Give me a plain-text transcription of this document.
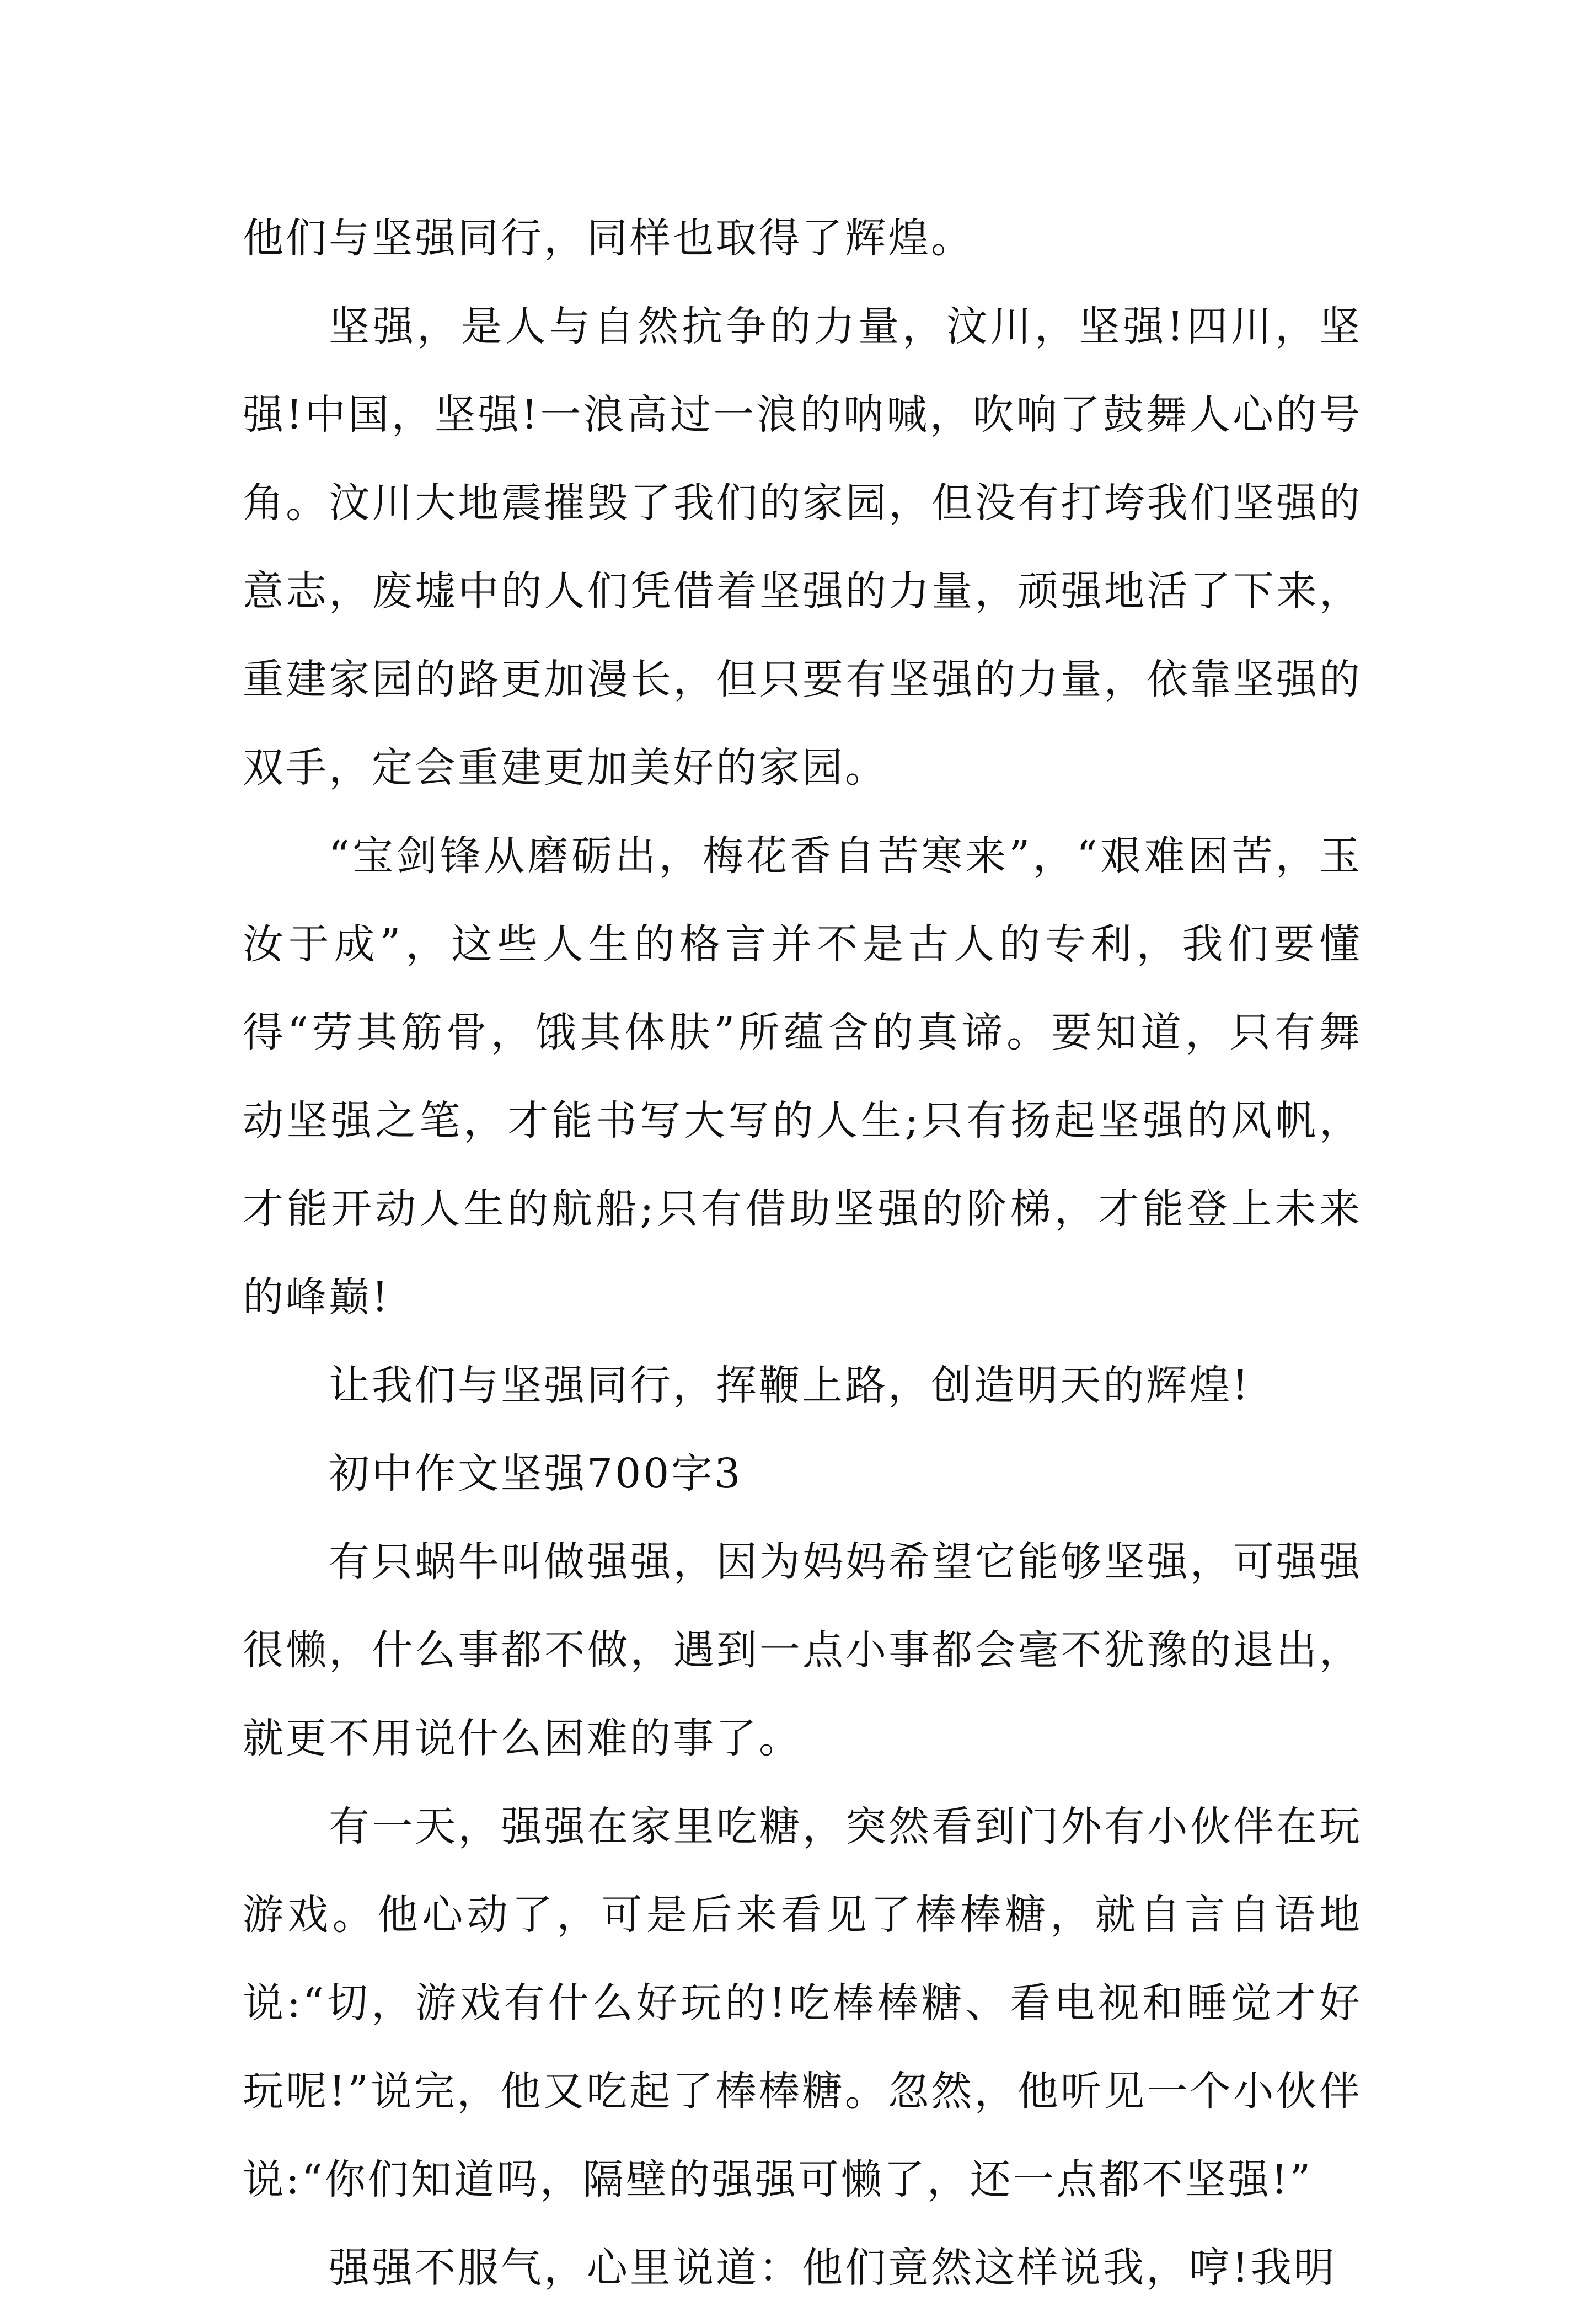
他们与坚强同行，同样也取得了辉煌。

坚强，是人与自然抗争的力量，汶川，坚强!四川，坚强!中国，坚强!一浪高过一浪的呐喊，吹响了鼓舞人心的号角。汶川大地震摧毁了我们的家园，但没有打垮我们坚强的意志，废墟中的人们凭借着坚强的力量，顽强地活了下来，重建家园的路更加漫长，但只要有坚强的力量，依靠坚强的双手，定会重建更加美好的家园。

“宝剑锋从磨砺出，梅花香自苦寒来”，“艰难困苦，玉汝于成”，这些人生的格言并不是古人的专利，我们要懂得“劳其筋骨，饿其体肤”所蕴含的真谛。要知道，只有舞动坚强之笔，才能书写大写的人生;只有扬起坚强的风帆，才能开动人生的航船;只有借助坚强的阶梯，才能登上未来的峰巅!

让我们与坚强同行，挥鞭上路，创造明天的辉煌!

初中作文坚强700字3

有只蜗牛叫做强强，因为妈妈希望它能够坚强，可强强很懒，什么事都不做，遇到一点小事都会毫不犹豫的退出，就更不用说什么困难的事了。

有一天，强强在家里吃糖，突然看到门外有小伙伴在玩游戏。他心动了，可是后来看见了棒棒糖，就自言自语地说:“切，游戏有什么好玩的!吃棒棒糖、看电视和睡觉才好玩呢!”说完，他又吃起了棒棒糖。忽然，他听见一个小伙伴说:“你们知道吗，隔壁的强强可懒了，还一点都不坚强!”

强强不服气，心里说道：他们竟然这样说我，哼!我明
